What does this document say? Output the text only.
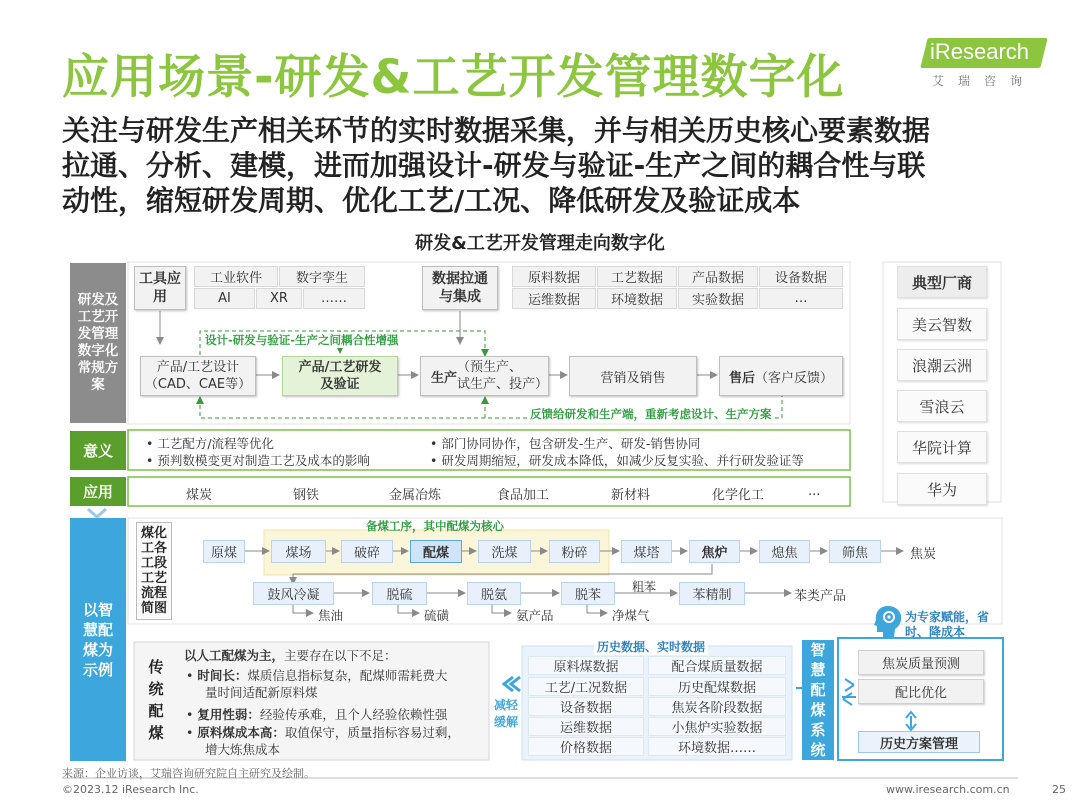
应用场景-研发&工艺开发管理数字化	iResearch
艾瑞咨询
关注与研发生产相关环节的实时数据采集，并与相关历史核心要素数据
拉通、分析、建模，进而加强设计-研发与验证-生产之间的耦合性与联
动性，缩短研发周期、优化工艺/工况、降低研发及验证成本
研发&工艺开发管理走向数字化
研发及工艺开发管理数字化常规方案
意义
应用
以智慧配煤为示例
工具应用
工业软件	数字孪生
AI	XR	……
数据拉通与集成
原料数据	工艺数据	产品数据	设备数据
运维数据	环境数据	实验数据	…
设计-研发与验证-生产之间耦合性增强
反馈给研发和生产端，重新考虑设计、生产方案
产品/工艺设计
（CAD、CAE等）
产品/工艺研发
及验证	生产
（预生产、
试生产、投产）	营销及销售	售后 （客户反馈）
• 工艺配方/流程等优化
• 预判数模变更对制造工艺及成本的影响
• 部门协同协作，包含研发-生产、研发-销售协同
• 研发周期缩短，研发成本降低，如减少反复实验、并行研发验证等
煤炭	钢铁	金属冶炼	食品加工	新材料	化学化工	...
典型厂商
美云智数
浪潮云洲
雪浪云
华院计算
华为
煤化工各工段工艺流程简图
备煤工序，其中配煤为核心
原煤	煤场	破碎	配煤	洗煤	粉碎	煤塔	焦炉	熄焦	筛焦	焦炭
鼓风冷凝	脱硫	脱氨	脱苯	苯精制	苯类产品
粗苯
焦油	硫磺	氨产品	净煤气
传统配煤
以人工配煤为主，主要存在以下不足：
• 时间长：煤质信息指标复杂，配煤师需耗费大
量时间适配新原料煤
• 复用性弱：经验传承难，且个人经验依赖性强
• 原料煤成本高：取值保守，质量指标容易过剩，
增大炼焦成本
减轻缓解
历史数据、实时数据
原料煤数据	配合煤质量数据
工艺/工况数据	历史配煤数据
设备数据	焦炭各阶段数据
运维数据	小焦炉实验数据
价格数据	环境数据……
智慧配煤系统
为专家赋能，省时、降成本
焦炭质量预测
配比优化
历史方案管理
来源：企业访谈，艾瑞咨询研究院自主研究及绘制。
©2023.12 iResearch Inc.	www.iresearch.com.cn	25
